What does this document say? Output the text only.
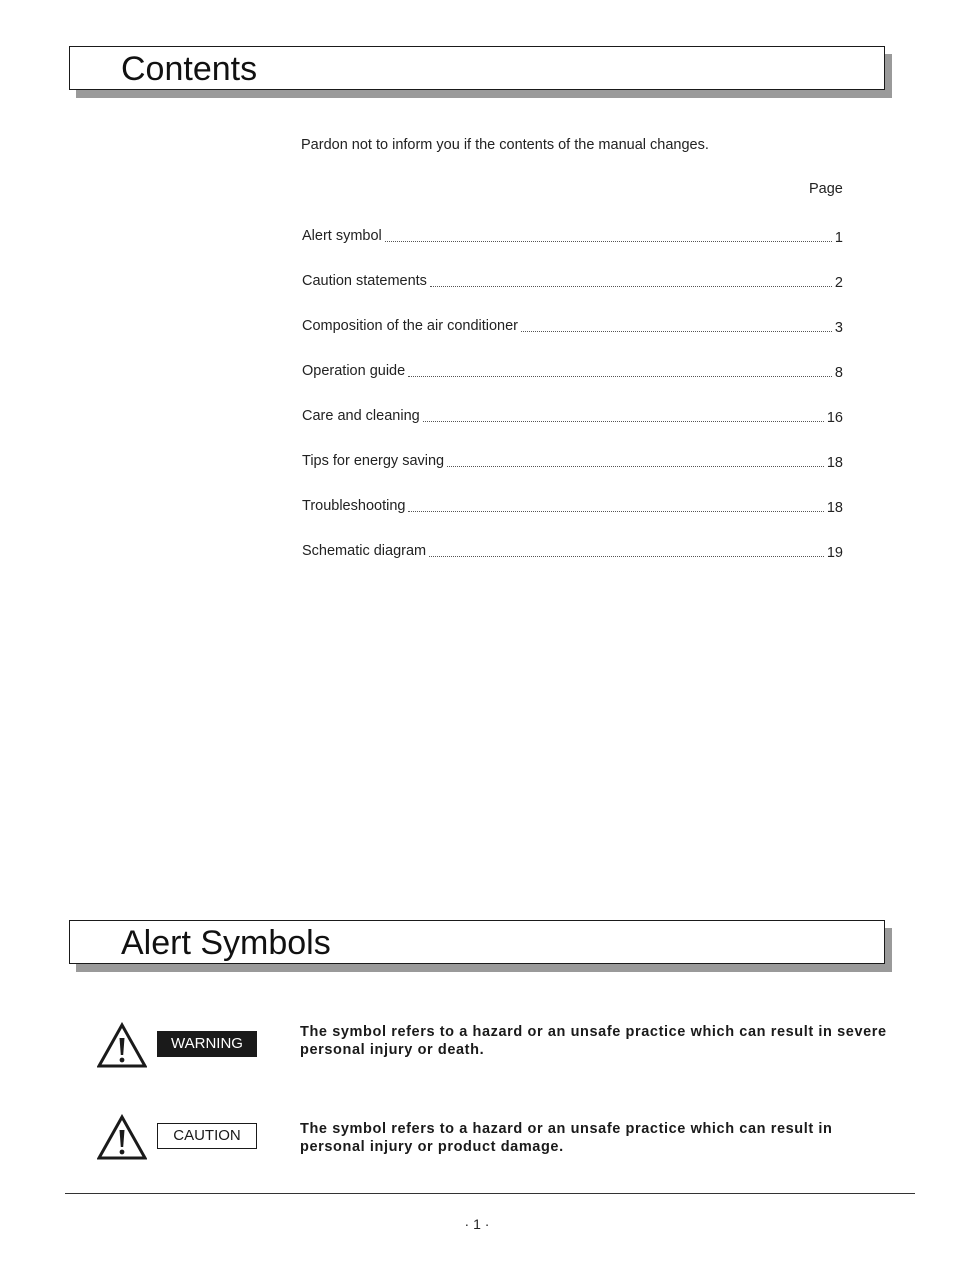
Contents
Pardon not to inform you if the contents of the manual changes.
Page
Alert symbol	1
Caution statements	2
Composition of the air conditioner	3
Operation guide	8
Care and cleaning	16
Tips for energy saving	18
Troubleshooting	18
Schematic diagram	19
Alert Symbols
WARNING
The symbol refers to a hazard or an unsafe practice which can result in severe personal injury or death.
CAUTION	The symbol refers to a hazard or an unsafe practice which can result in personal injury or product damage.
· 1 ·
